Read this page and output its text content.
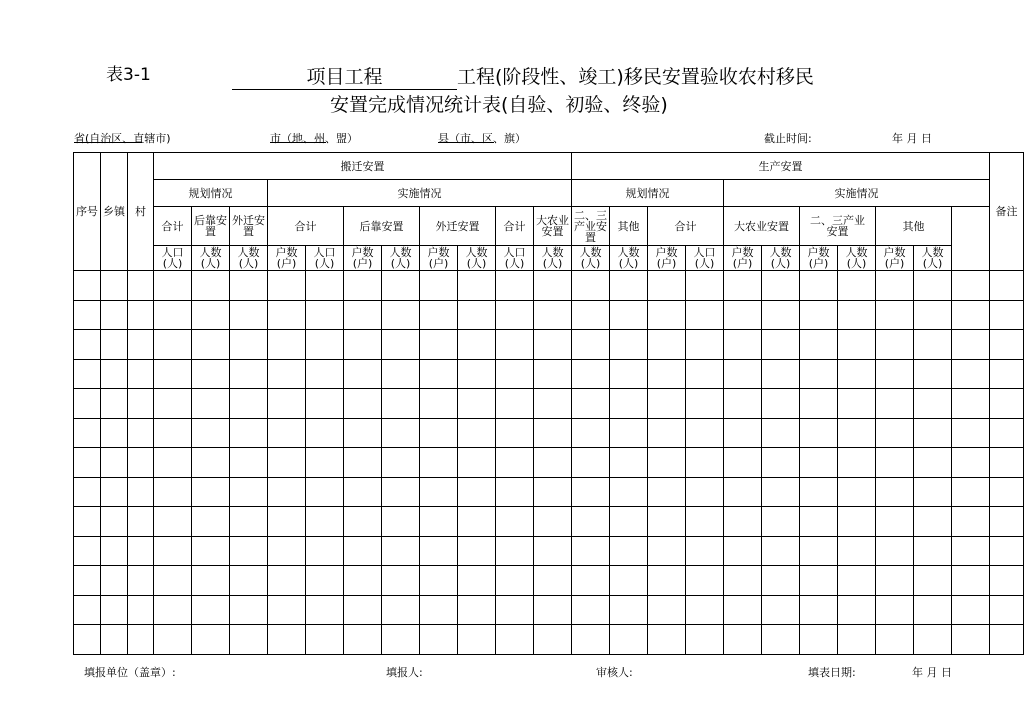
表3-1	项目工程	工程(阶段性、竣工)移民安置验收农村移民
安置完成情况统计表(自验、初验、终验)
省(自治区、直辖市)	市（地、州、盟）	县（市、区、旗）	截止时间:	年 月 日
序号	乡镇	村	搬迁安置											生产安置											备注
			规划情况			实施情况								规划情况				实施情况							
			合计	后靠安置	外迁安置	合计		后靠安置		外迁安置		合计	大农业安置	二、三产业安置	其他	合计		大农业安置		二、三产业安置		其他			
			人口(人)	人数(人)	人数(人)	户数(户)	人口(人)	户数(户)	人数(人)	户数(户)	人数(人)	人口(人)	人数(人)	人数(人)	人数(人)	户数(户)	人口(人)	户数(户)	人数(人)	户数(户)	人数(人)	户数(户)	人数(人)		

填报单位（盖章）:	填报人:	审核人:	填表日期:	年 月 日
